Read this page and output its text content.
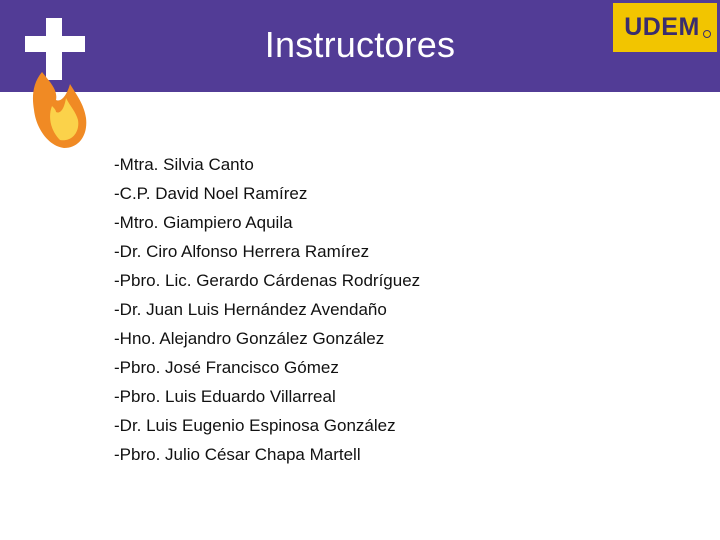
Instructores	UDEM
-Mtra. Silvia Canto
-C.P. David Noel Ramírez
-Mtro. Giampiero Aquila
-Dr. Ciro Alfonso Herrera Ramírez
-Pbro. Lic. Gerardo Cárdenas Rodríguez
-Dr. Juan Luis Hernández Avendaño
-Hno. Alejandro González González
-Pbro. José Francisco Gómez
-Pbro. Luis Eduardo Villarreal
-Dr. Luis Eugenio Espinosa González
-Pbro. Julio César Chapa Martell
